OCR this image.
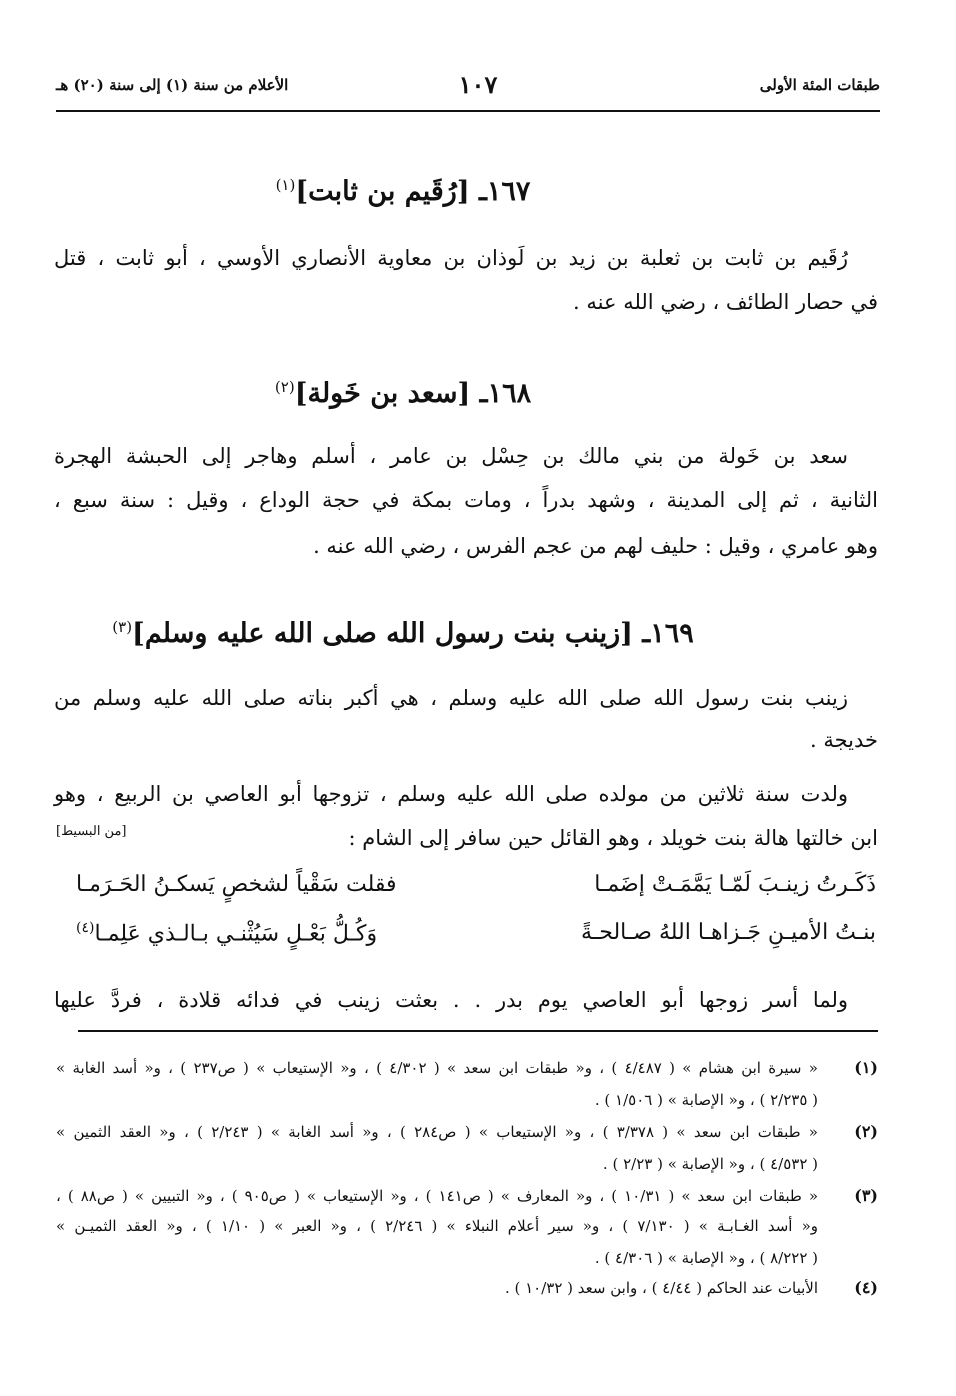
طبقات المئة الأولى
١٠٧
الأعلام من سنة (١) إلى سنة (٢٠) هـ
١٦٧ـ [رُقَيم بن ثابت]$^{(١)}$
رُقَيم بن ثابت بن ثعلبة بن زيد بن لَوذان بن معاوية الأنصاري الأوسي ، أبو ثابت ، قتل
في حصار الطائف ، رضي الله عنه .
١٦٨ـ [سعد بن خَولة]$^{(٢)}$
سعد بن خَولة من بني مالك بن حِسْل بن عامر ، أسلم وهاجر إلى الحبشة الهجرة
الثانية ، ثم إلى المدينة ، وشهد بدراً ، ومات بمكة في حجة الوداع ، وقيل : سنة سبع ،
وهو عامري ، وقيل : حليف لهم من عجم الفرس ، رضي الله عنه .
١٦٩ـ [زينب بنت رسول الله صلى الله عليه وسلم]$^{(٣)}$
زينب بنت رسول الله صلى الله عليه وسلم ، هي أكبر بناته صلى الله عليه وسلم من
خديجة .
ولدت سنة ثلاثين من مولده صلى الله عليه وسلم ، تزوجها أبو العاصي بن الربيع ، وهو
ابن خالتها هالة بنت خويلد ، وهو القائل حين سافر إلى الشام :
[من البسيط]
ذَكَـرتُ زينـبَ لَمّـا يَمَّمَـتْ إضَمـا
فقلت سَقْياً لشخصٍ يَسكـنُ الحَـرَمـا
بنـتُ الأميـنِ جَـزاهـا اللهُ صـالحـةً
وَكُـلُّ بَعْـلٍ سَيُثْنـي بـالـذي عَلِمـا$^{(٤)}$
ولما أسر زوجها أبو العاصي يوم بدر . . بعثت زينب في فدائه قلادة ، فردَّ عليها
(١)
« سيرة ابن هشام » ( ٤/٤٨٧ ) ، و« طبقات ابن سعد » ( ٤/٣٠٢ ) ، و« الإستيعاب » ( ص٢٣٧ ) ، و« أسد الغابة »
( ٢/٢٣٥ ) ، و« الإصابة » ( ١/٥٠٦ ) .
(٢)
« طبقات ابن سعد » ( ٣/٣٧٨ ) ، و« الإستيعاب » ( ص٢٨٤ ) ، و« أسد الغابة » ( ٢/٢٤٣ ) ، و« العقد الثمين »
( ٤/٥٣٢ ) ، و« الإصابة » ( ٢/٢٣ ) .
(٣)
« طبقات ابن سعد » ( ١٠/٣١ ) ، و« المعارف » ( ص١٤١ ) ، و« الإستيعاب » ( ص٩٠٥ ) ، و« التبيين » ( ص٨٨ ) ،
و« أسد الغـابـة » ( ٧/١٣٠ ) ، و« سير أعلام النبلاء » ( ٢/٢٤٦ ) ، و« العبر » ( ١/١٠ ) ، و« العقد الثميـن »
( ٨/٢٢٢ ) ، و« الإصابة » ( ٤/٣٠٦ ) .
(٤)
الأبيات عند الحاكم ( ٤/٤٤ ) ، وابن سعد ( ١٠/٣٢ ) .
